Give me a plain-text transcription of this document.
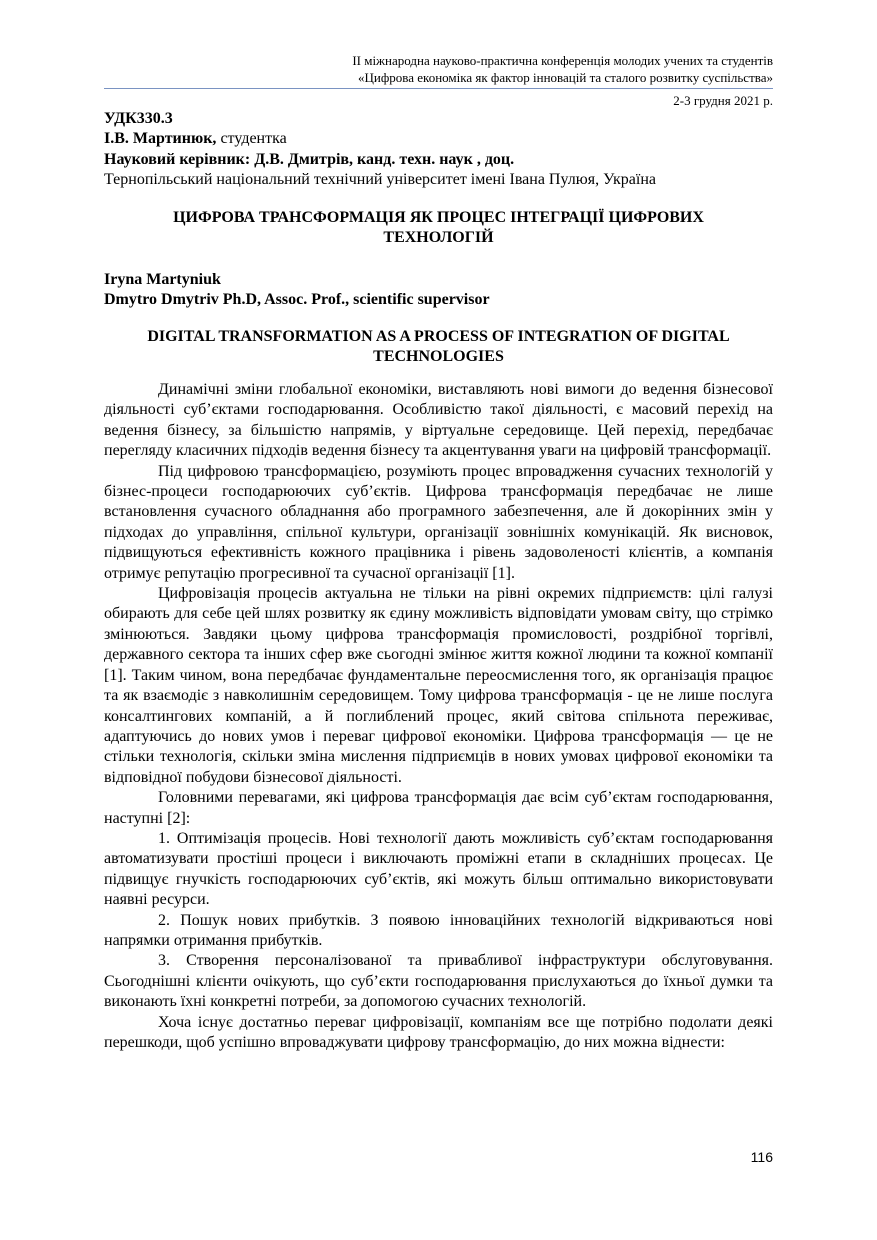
ІІ міжнародна науково-практична конференція молодих учених та студентів
«Цифрова економіка як фактор інновацій та сталого розвитку суспільства»
2-3 грудня 2021 р.
УДК330.3
І.В. Мартинюк, студентка
Науковий керівник: Д.В. Дмитрів, канд. техн. наук , доц.
Тернопільський національний технічний університет імені Івана Пулюя, Україна
ЦИФРОВА ТРАНСФОРМАЦІЯ ЯК ПРОЦЕС ІНТЕГРАЦІЇ ЦИФРОВИХ
ТЕХНОЛОГІЙ
Iryna Martyniuk
Dmytro Dmytriv Ph.D, Assoc. Prof., scientific supervisor
DIGITAL TRANSFORMATION AS A PROCESS OF INTEGRATION OF DIGITAL
TECHNOLOGIES

Динамічні зміни глобальної економіки, виставляють нові вимоги до ведення бізнесової діяльності суб’єктами господарювання. Особливістю такої діяльності, є масовий перехід на ведення бізнесу, за більшістю напрямів, у віртуальне середовище. Цей перехід, передбачає перегляду класичних підходів ведення бізнесу та акцентування уваги на цифровій трансформації.

Під цифровою трансформацією, розуміють процес впровадження сучасних технологій у бізнес-процеси господарюючих суб’єктів. Цифрова трансформація передбачає не лише встановлення сучасного обладнання або програмного забезпечення, але й докорінних змін у підходах до управління, спільної культури, організації зовнішніх комунікацій. Як висновок, підвищуються ефективність кожного працівника і рівень задоволеності клієнтів, а компанія отримує репутацію прогресивної та сучасної організації [1].

Цифровізація процесів актуальна не тільки на рівні окремих підприємств: цілі галузі обирають для себе цей шлях розвитку як єдину можливість відповідати умовам світу, що стрімко змінюються. Завдяки цьому цифрова трансформація промисловості, роздрібної торгівлі, державного сектора та інших сфер вже сьогодні змінює життя кожної людини та кожної компанії [1]. Таким чином, вона передбачає фундаментальне переосмислення того, як організація працює та як взаємодіє з навколишнім середовищем. Тому цифрова трансформація - це не лише послуга консалтингових компаній, а й поглиблений процес, який світова спільнота переживає, адаптуючись до нових умов і переваг цифрової економіки. Цифрова трансформація — це не стільки технологія, скільки зміна мислення підприємців в нових умовах цифрової економіки та відповідної побудови бізнесової діяльності.

Головними перевагами, які цифрова трансформація дає всім суб’єктам господарювання, наступні [2]:

1. Оптимізація процесів. Нові технології дають можливість суб’єктам господарювання автоматизувати простіші процеси і виключають проміжні етапи в складніших процесах. Це підвищує гнучкість господарюючих суб’єктів, які можуть більш оптимально використовувати наявні ресурси.

2. Пошук нових прибутків. З появою інноваційних технологій відкриваються нові напрямки отримання прибутків.

3. Створення персоналізованої та привабливої інфраструктури обслуговування. Сьогоднішні клієнти очікують, що суб’єкти господарювання прислухаються до їхньої думки та виконають їхні конкретні потреби, за допомогою сучасних технологій.

Хоча існує достатньо переваг цифровізації, компаніям все ще потрібно подолати деякі перешкоди, щоб успішно впроваджувати цифрову трансформацію, до них можна віднести:

116
